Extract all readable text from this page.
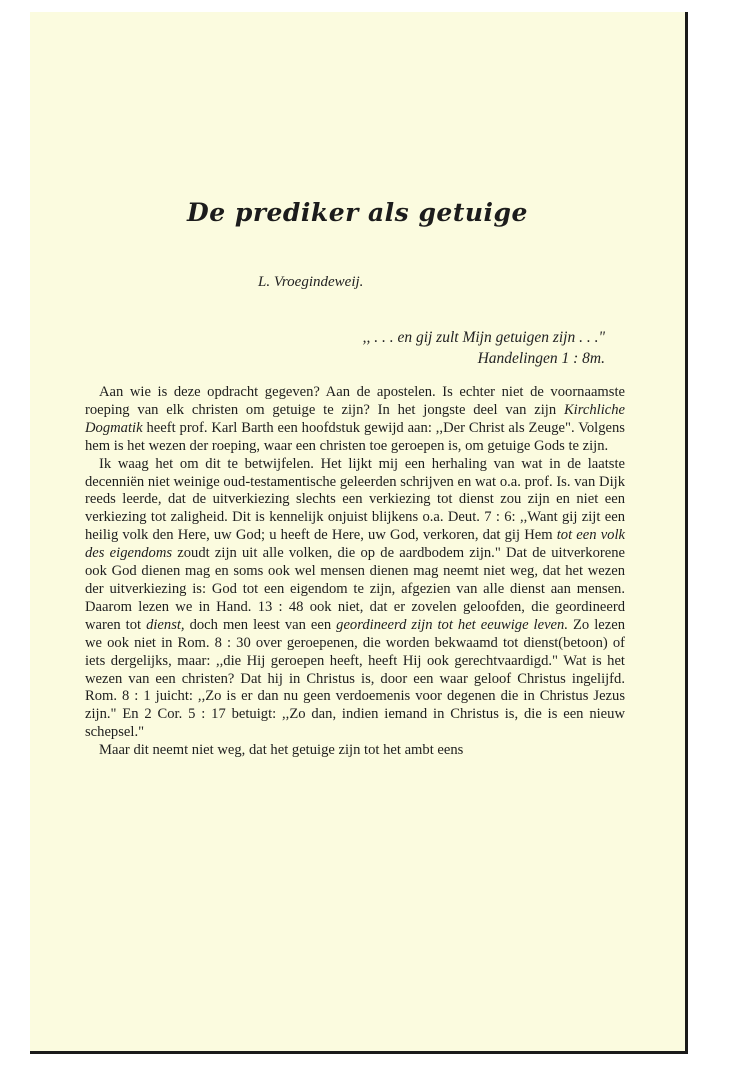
De prediker als getuige
L. Vroegindeweij.
,, . . . en gij zult Mijn getuigen zijn . . ."
Handelingen 1 : 8m.

Aan wie is deze opdracht gegeven? Aan de apostelen. Is echter niet de voornaamste roeping van elk christen om getuige te zijn? In het jongste deel van zijn Kirchliche Dogmatik heeft prof. Karl Barth een hoofdstuk gewijd aan: ,,Der Christ als Zeuge". Volgens hem is het wezen der roeping, waar een christen toe geroepen is, om getuige Gods te zijn.

Ik waag het om dit te betwijfelen. Het lijkt mij een herhaling van wat in de laatste decenniën niet weinige oud-testamentische geleerden schrijven en wat o.a. prof. Is. van Dijk reeds leerde, dat de uitverkiezing slechts een verkiezing tot dienst zou zijn en niet een verkiezing tot zaligheid. Dit is kennelijk onjuist blijkens o.a. Deut. 7 : 6: ,,Want gij zijt een heilig volk den Here, uw God; u heeft de Here, uw God, verkoren, dat gij Hem tot een volk des eigendoms zoudt zijn uit alle volken, die op de aardbodem zijn." Dat de uitverkorene ook God dienen mag en soms ook wel mensen dienen mag neemt niet weg, dat het wezen der uitverkiezing is: God tot een eigendom te zijn, afgezien van alle dienst aan mensen. Daarom lezen we in Hand. 13 : 48 ook niet, dat er zovelen geloofden, die geordineerd waren tot dienst, doch men leest van een geordineerd zijn tot het eeuwige leven. Zo lezen we ook niet in Rom. 8 : 30 over geroepenen, die worden bekwaamd tot dienst(betoon) of iets dergelijks, maar: ,,die Hij geroepen heeft, heeft Hij ook gerechtvaardigd." Wat is het wezen van een christen? Dat hij in Christus is, door een waar geloof Christus ingelijfd. Rom. 8 : 1 juicht: ,,Zo is er dan nu geen verdoemenis voor degenen die in Christus Jezus zijn." En 2 Cor. 5 : 17 betuigt: ,,Zo dan, indien iemand in Christus is, die is een nieuw schepsel."

Maar dit neemt niet weg, dat het getuige zijn tot het ambt eens
